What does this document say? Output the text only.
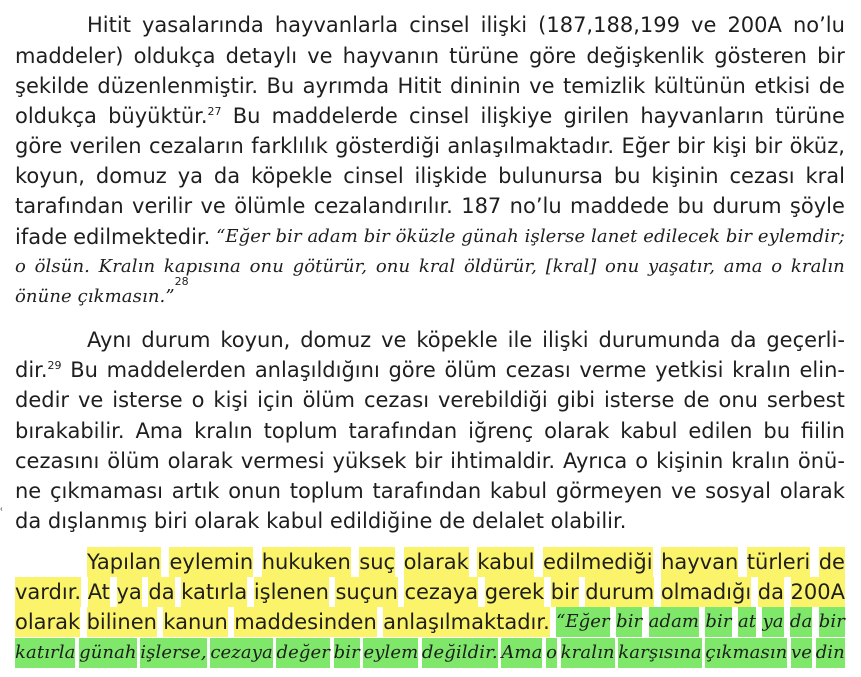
Hitit yasalarında hayvanlarla cinsel ilişki (187,188,199 ve 200A no’lu
maddeler) oldukça detaylı ve hayvanın türüne göre değişkenlik gösteren bir
şekilde düzenlenmiştir. Bu ayrımda Hitit dininin ve temizlik kültünün etkisi de
oldukça büyüktür.$^{27}$ Bu maddelerde cinsel ilişkiye girilen hayvanların türüne
göre verilen cezaların farklılık gösterdiği anlaşılmaktadır. Eğer bir kişi bir öküz,
koyun, domuz ya da köpekle cinsel ilişkide bulunursa bu kişinin cezası kral
tarafından verilir ve ölümle cezalandırılır. 187 no’lu maddede bu durum şöyle
ifade edilmektedir. “Eğer bir adam bir öküzle günah işlerse lanet edilecek bir eylemdir;
o ölsün. Kralın kapısına onu götürür, onu kral öldürür, [kral] onu yaşatır, ama o kralın
önüne çıkmasın.”
28
Aynı durum koyun, domuz ve köpekle ile ilişki durumunda da geçerli-
dir.$^{29}$ Bu maddelerden anlaşıldığını göre ölüm cezası verme yetkisi kralın elin-
dedir ve isterse o kişi için ölüm cezası verebildiği gibi isterse de onu serbest
bırakabilir. Ama kralın toplum tarafından iğrenç olarak kabul edilen bu fiilin
cezasını ölüm olarak vermesi yüksek bir ihtimaldir. Ayrıca o kişinin kralın önü-
ne çıkmaması artık onun toplum tarafından kabul görmeyen ve sosyal olarak
da dışlanmış biri olarak kabul edildiğine de delalet olabilir.
ʿ
Yapılan eylemin hukuken suç olarak kabul edilmediği hayvan türleri de
vardır. At ya da katırla işlenen suçun cezaya gerek bir durum olmadığı da 200A
olarak bilinen kanun maddesinden anlaşılmaktadır. “Eğer bir adam bir at ya da bir
katırla günah işlerse, cezaya değer bir eylem değildir. Ama o kralın karşısına çıkmasın ve din
